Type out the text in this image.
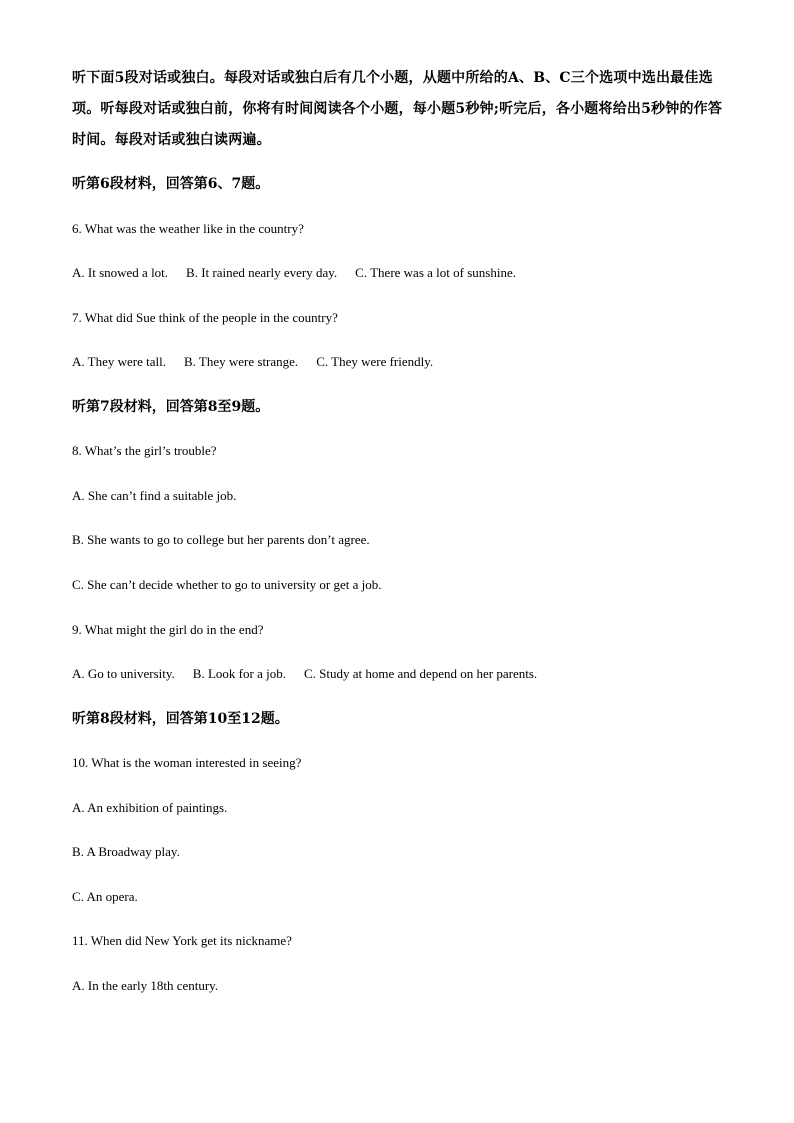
听下面5段对话或独白。每段对话或独白后有几个小题，从题中所给的A、B、C三个选项中选出最佳选项。听每段对话或独白前，你将有时间阅读各个小题，每小题5秒钟;听完后，各小题将给出5秒钟的作答时间。每段对话或独白读两遍。

听第6段材料，回答第6、7题。

6. What was the weather like in the country?

A. It snowed a lot. B. It rained nearly every day. C. There was a lot of sunshine.

7. What did Sue think of the people in the country?

A. They were tall. B. They were strange. C. They were friendly.

听第7段材料，回答第8至9题。

8. What’s the girl’s trouble?

A. She can’t find a suitable job.

B. She wants to go to college but her parents don’t agree.

C. She can’t decide whether to go to university or get a job.

9. What might the girl do in the end?

A. Go to university. B. Look for a job. C. Study at home and depend on her parents.

听第8段材料，回答第10至12题。

10. What is the woman interested in seeing?

A. An exhibition of paintings.

B. A Broadway play.

C. An opera.

11. When did New York get its nickname?

A. In the early 18th century.
